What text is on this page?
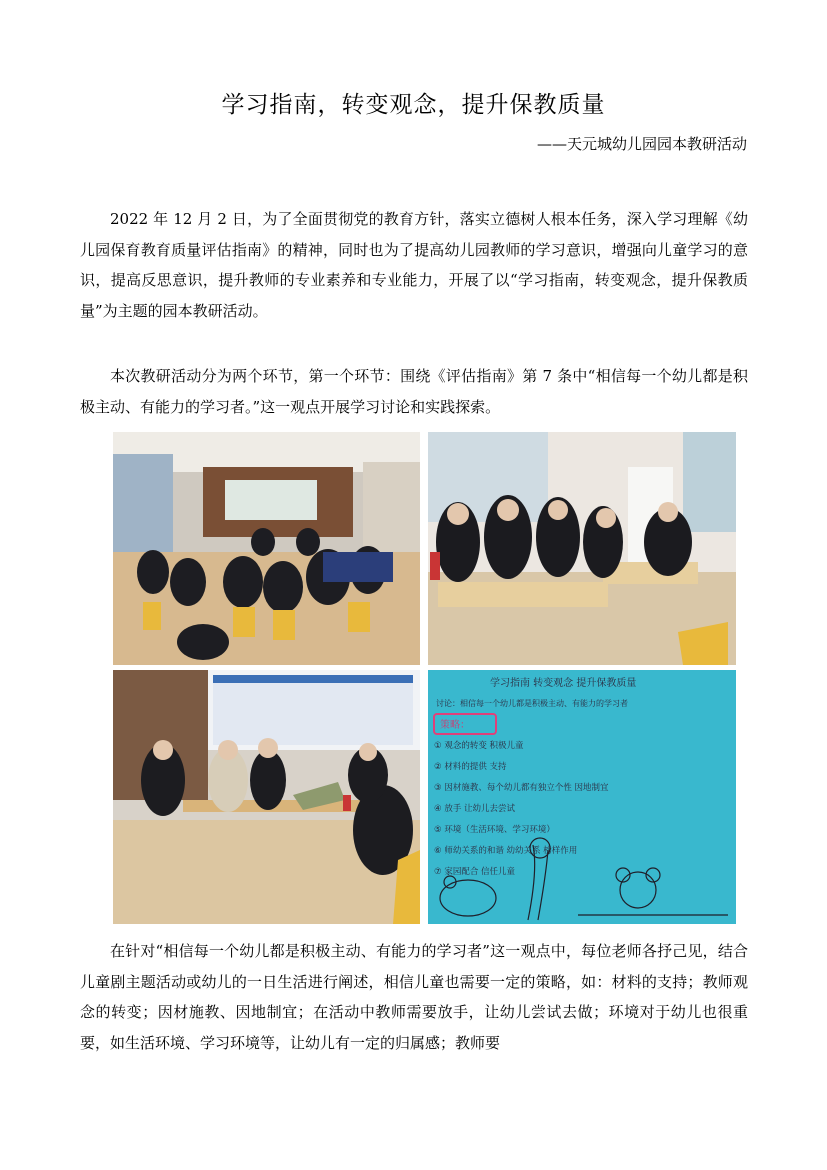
学习指南，转变观念，提升保教质量
——天元城幼儿园园本教研活动

2022 年 12 月 2 日，为了全面贯彻党的教育方针，落实立德树人根本任务，深入学习理解《幼儿园保育教育质量评估指南》的精神，同时也为了提高幼儿园教师的学习意识，增强向儿童学习的意识，提高反思意识，提升教师的专业素养和专业能力，开展了以“学习指南，转变观念，提升保教质量”为主题的园本教研活动。

本次教研活动分为两个环节，第一个环节：围绕《评估指南》第 7 条中“相信每一个幼儿都是积极主动、有能力的学习者。”这一观点开展学习讨论和实践探索。

学习指南 转变观念 提升保教质量
讨论：相信每一个幼儿都是积极主动、有能力的学习者
策略：
① 观念的转变 积极儿童
② 材料的提供 支持
③ 因材施教、每个幼儿都有独立个性 因地制宜
④ 放手 让幼儿去尝试
⑤ 环境（生活环境、学习环境）
⑥ 师幼关系的和谐 幼幼关系 榜样作用
⑦ 家园配合 信任儿童

在针对“相信每一个幼儿都是积极主动、有能力的学习者”这一观点中，每位老师各抒己见，结合儿童剧主题活动或幼儿的一日生活进行阐述，相信儿童也需要一定的策略，如：材料的支持；教师观念的转变；因材施教、因地制宜；在活动中教师需要放手，让幼儿尝试去做；环境对于幼儿也很重要，如生活环境、学习环境等，让幼儿有一定的归属感；教师要
